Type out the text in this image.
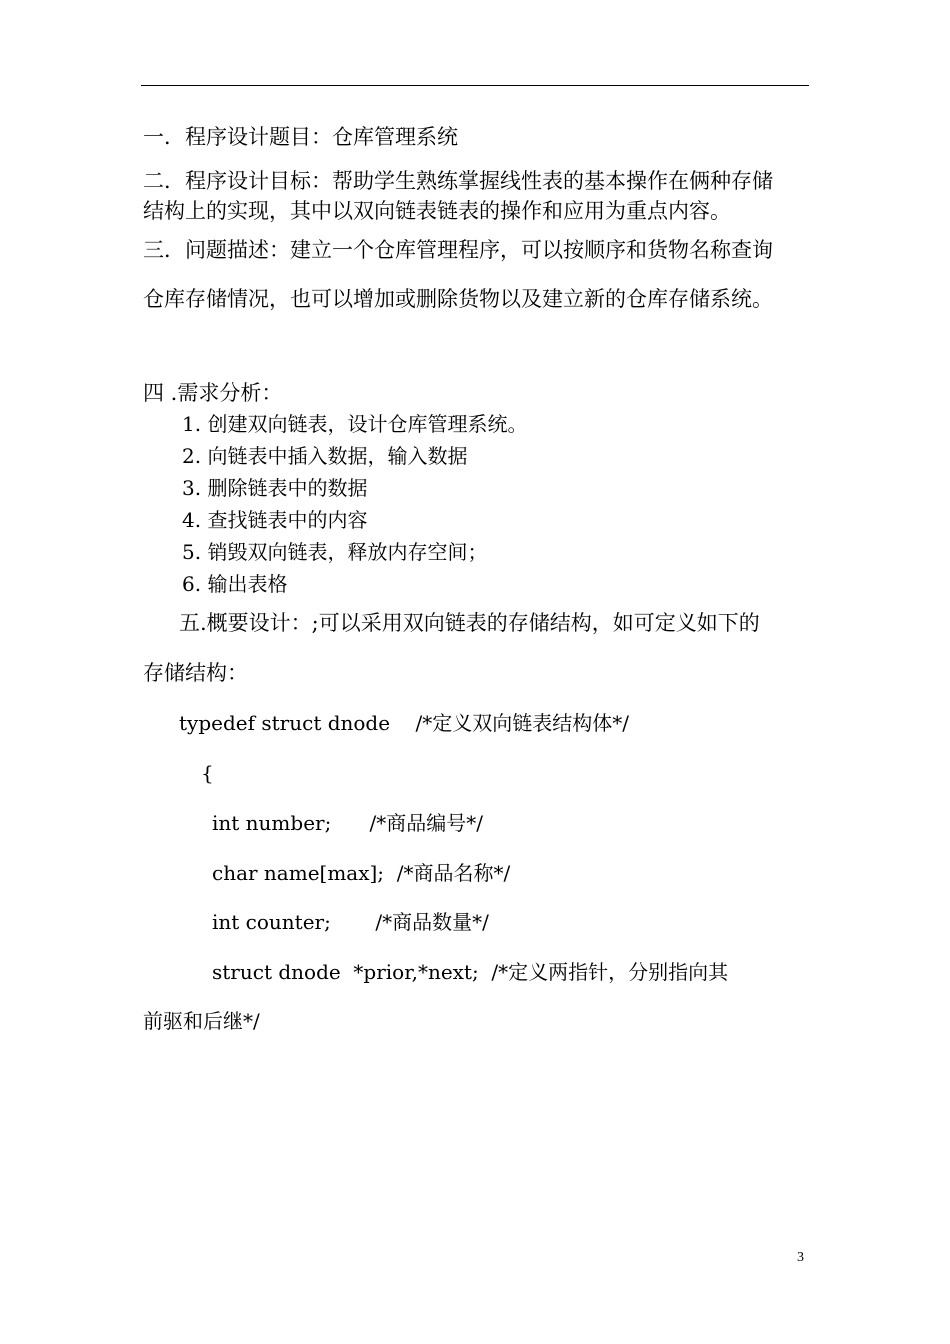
一．程序设计题目：仓库管理系统
二．程序设计目标：帮助学生熟练掌握线性表的基本操作在俩种存储
结构上的实现，其中以双向链表链表的操作和应用为重点内容。
三．问题描述：建立一个仓库管理程序，可以按顺序和货物名称查询
仓库存储情况，也可以增加或删除货物以及建立新的仓库存储系统。
四 .需求分析：
1. 创建双向链表，设计仓库管理系统。
2. 向链表中插入数据，输入数据
3. 删除链表中的数据
4. 查找链表中的内容
5. 销毁双向链表，释放内存空间；
6. 输出表格
五.概要设计：;可以采用双向链表的存储结构，如可定义如下的
存储结构：
typedef struct dnode    /*定义双向链表结构体*/
{
int number;      /*商品编号*/
char name[max];  /*商品名称*/
int counter;       /*商品数量*/
struct dnode  *prior,*next;  /*定义两指针，分别指向其
前驱和后继*/
3
